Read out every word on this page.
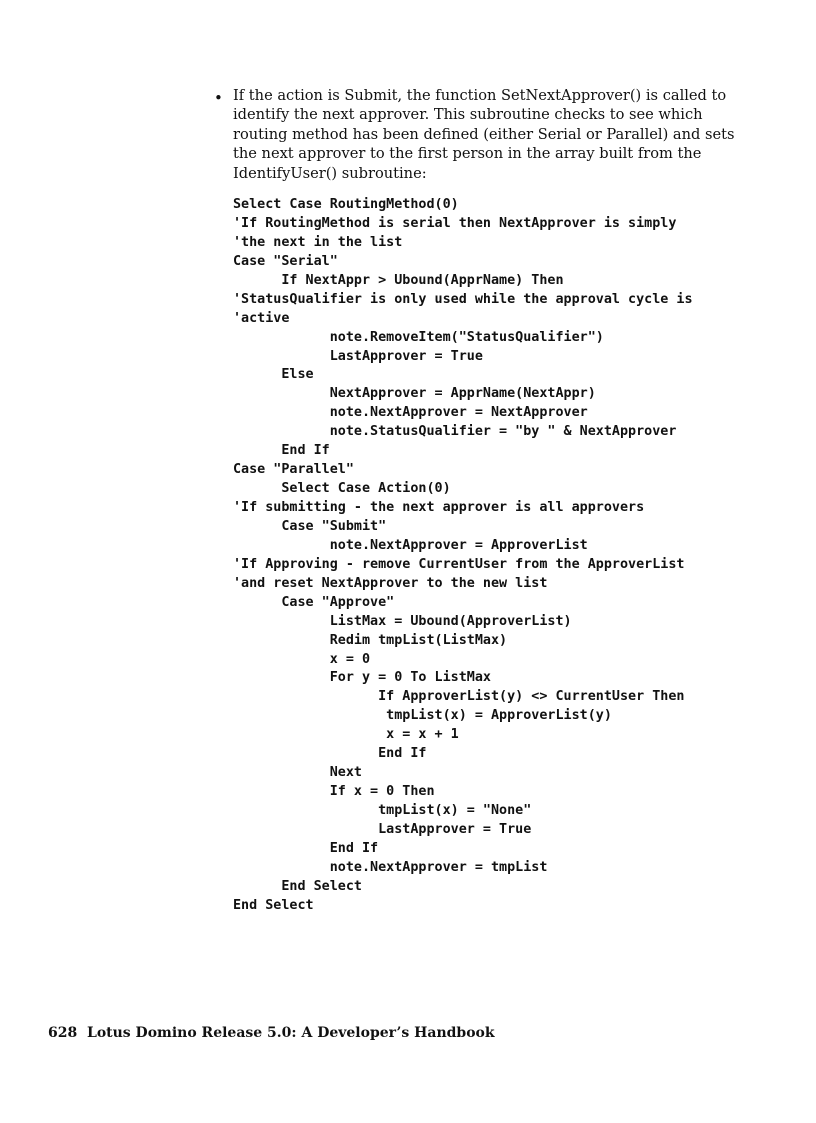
• If the action is Submit, the function SetNextApprover() is called to
identify the next approver. This subroutine checks to see which
routing method has been defined (either Serial or Parallel) and sets
the next approver to the first person in the array built from the
IdentifyUser() subroutine:
Select Case RoutingMethod(0)
'If RoutingMethod is serial then NextApprover is simply
'the next in the list
Case "Serial"
If NextAppr > Ubound(ApprName) Then
'StatusQualifier is only used while the approval cycle is
'active
note.RemoveItem("StatusQualifier")
LastApprover = True
Else
NextApprover = ApprName(NextAppr)
note.NextApprover = NextApprover
note.StatusQualifier = "by " & NextApprover
End If
Case "Parallel"
Select Case Action(0)
'If submitting - the next approver is all approvers
Case "Submit"
note.NextApprover = ApproverList
'If Approving - remove CurrentUser from the ApproverList
'and reset NextApprover to the new list
Case "Approve"
ListMax = Ubound(ApproverList)
Redim tmpList(ListMax)
x = 0
For y = 0 To ListMax
If ApproverList(y) <> CurrentUser Then
tmpList(x) = ApproverList(y)
x = x + 1
End If
Next
If x = 0 Then
tmpList(x) = "None"
LastApprover = True
End If
note.NextApprover = tmpList
End Select
End Select
628  Lotus Domino Release 5.0: A Developer’s Handbook
